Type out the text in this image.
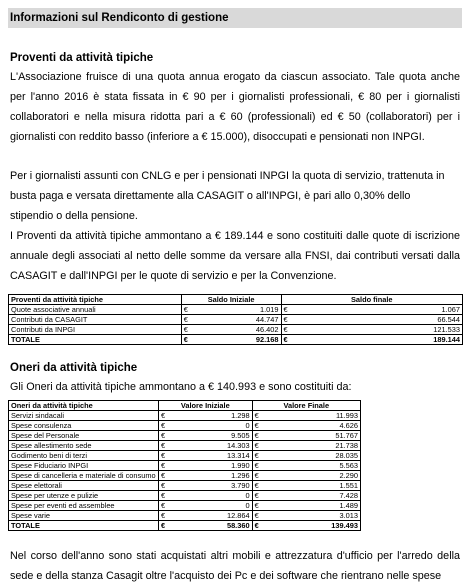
Informazioni sul Rendiconto di gestione
Proventi da attività tipiche
L'Associazione fruisce di una quota annua erogato da ciascun associato. Tale quota anche per l'anno 2016 è stata fissata in € 90 per i giornalisti professionali, € 80 per i giornalisti collaboratori e nella misura ridotta pari a € 60 (professionali) ed € 50 (collaboratori) per i giornalisti con reddito basso (inferiore a € 15.000), disoccupati e pensionati non INPGI.
Per i giornalisti assunti con CNLG e per i pensionati INPGI la quota di servizio, trattenuta in busta paga e versata direttamente alla CASAGIT o all'INPGI, è pari allo 0,30% dello stipendio o della pensione.
I Proventi da attività tipiche ammontano a € 189.144 e sono costituiti dalle quote di iscrizione annuale degli associati al netto delle somme da versare alla FNSI, dai contributi versati dalla CASAGIT e dall'INPGI per le quote di servizio e per la Convenzione.
Proventi da attività tipiche	Saldo Iniziale		Saldo finale	
Quote associative annuali	€	1.019	€	1.067
Contributi da CASAGIT	€	44.747	€	66.544
Contributi da INPGI	€	46.402	€	121.533
TOTALE	€	92.168	€	189.144
Oneri da attività tipiche
Gli Oneri da attività tipiche ammontano a € 140.993 e sono costituiti da:
Oneri da attività tipiche	Valore Iniziale		Valore Finale	
Servizi sindacali	€	1.298	€	11.993
Spese consulenza	€	0	€	4.626
Spese del Personale	€	9.505	€	51.767
Spese allestimento sede	€	14.303	€	21.738
Godimento beni di terzi	€	13.314	€	28.035
Spese Fiduciario INPGI	€	1.990	€	5.563
Spese di cancelleria e materiale di consumo	€	1.296	€	2.290
Spese elettorali	€	3.790	€	1.551
Spese per utenze e pulizie	€	0	€	7.428
Spese per eventi ed assemblee	€	0	€	1.489
Spese varie	€	12.864	€	3.013
TOTALE	€	58.360	€	139.493
Nel corso dell'anno sono stati acquistati altri mobili e attrezzatura d'ufficio per l'arredo della sede e della stanza Casagit oltre l'acquisto dei Pc e dei software che rientrano nelle spese
